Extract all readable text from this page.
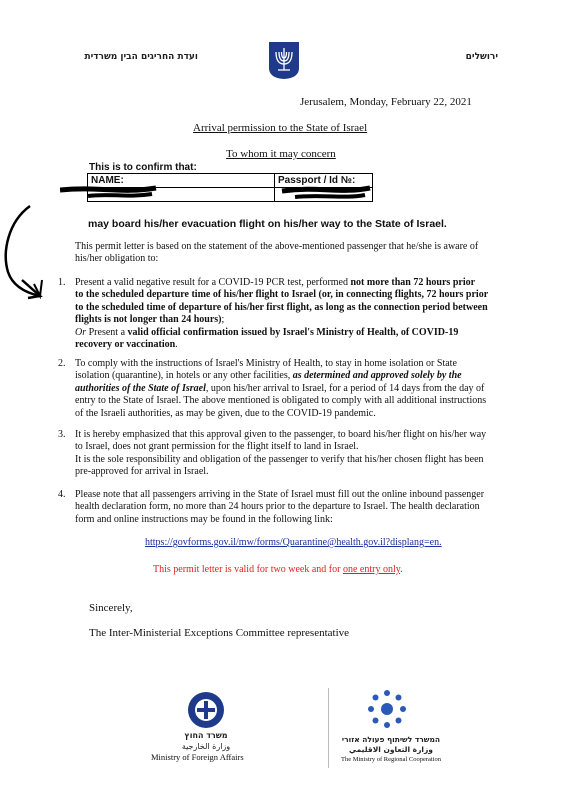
ועדת החריגים הבין משרדית	ירושלים
Jerusalem, Monday, February 22, 2021
Arrival permission to the State of Israel
To whom it may concern
This is to confirm that:
NAME:	Passport / Id №:

may board his/her evacuation flight on his/her way to the State of Israel.
This permit letter is based on the statement of the above-mentioned passenger that he/she is aware of
his/her obligation to:
1. Present a valid negative result for a COVID-19 PCR test, performed not more than 72 hours prior
to the scheduled departure time of his/her flight to Israel (or, in connecting flights, 72 hours prior
to the scheduled time of departure of his/her first flight, as long as the connection period between
flights is not longer than 24 hours);
Or Present a valid official confirmation issued by Israel's Ministry of Health, of COVID-19
recovery or vaccination.
2. To comply with the instructions of Israel's Ministry of Health, to stay in home isolation or State
isolation (quarantine), in hotels or any other facilities, as determined and approved solely by the
authorities of the State of Israel, upon his/her arrival to Israel, for a period of 14 days from the day of
entry to the State of Israel. The above mentioned is obligated to comply with all additional instructions
of the Israeli authorities, as may be given, due to the COVID-19 pandemic.
3. It is hereby emphasized that this approval given to the passenger, to board his/her flight on his/her way
to Israel, does not grant permission for the flight itself to land in Israel.
It is the sole responsibility and obligation of the passenger to verify that his/her chosen flight has been
pre-approved for arrival in Israel.
4. Please note that all passengers arriving in the State of Israel must fill out the online inbound passenger
health declaration form, no more than 24 hours prior to the departure to Israel. The health declaration
form and online instructions may be found in the following link:
https://govforms.gov.il/mw/forms/Quarantine@health.gov.il?displang=en.
This permit letter is valid for two week and for one entry only.
Sincerely,
The Inter-Ministerial Exceptions Committee representative
משרד החוץ
وزارة الخارجية
Ministry of Foreign Affairs
המשרד לשיתוף פעולה אזורי
وزارة التعاون الاقليمي
The Ministry of Regional Cooperation
